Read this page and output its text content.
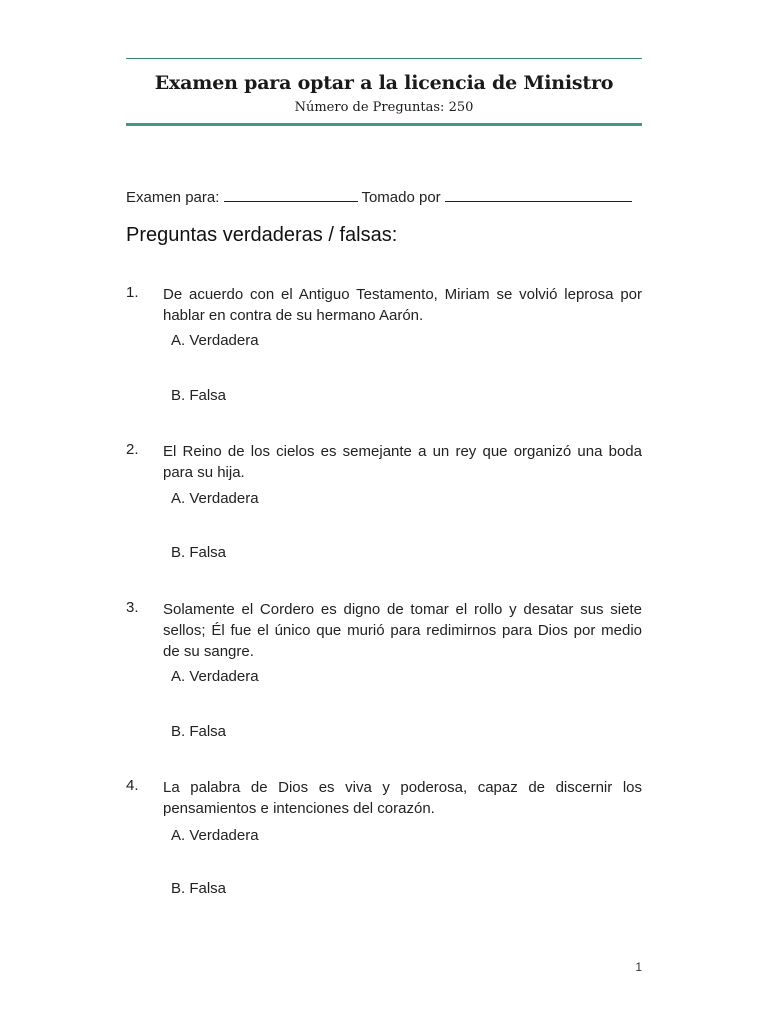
Examen para optar a la licencia de Ministro
Número de Preguntas: 250
Examen para:	Tomado por
Preguntas verdaderas / falsas:
1. De acuerdo con el Antiguo Testamento, Miriam se volvió leprosa por hablar en contra de su hermano Aarón.
A. Verdadera
B. Falsa
2. El Reino de los cielos es semejante a un rey que organizó una boda para su hija.
A. Verdadera
B. Falsa
3. Solamente el Cordero es digno de tomar el rollo y desatar sus siete sellos; Él fue el único que murió para redimirnos para Dios por medio de su sangre.
A. Verdadera
B. Falsa
4. La palabra de Dios es viva y poderosa, capaz de discernir los pensamientos e intenciones del corazón.
A. Verdadera
B. Falsa
1
